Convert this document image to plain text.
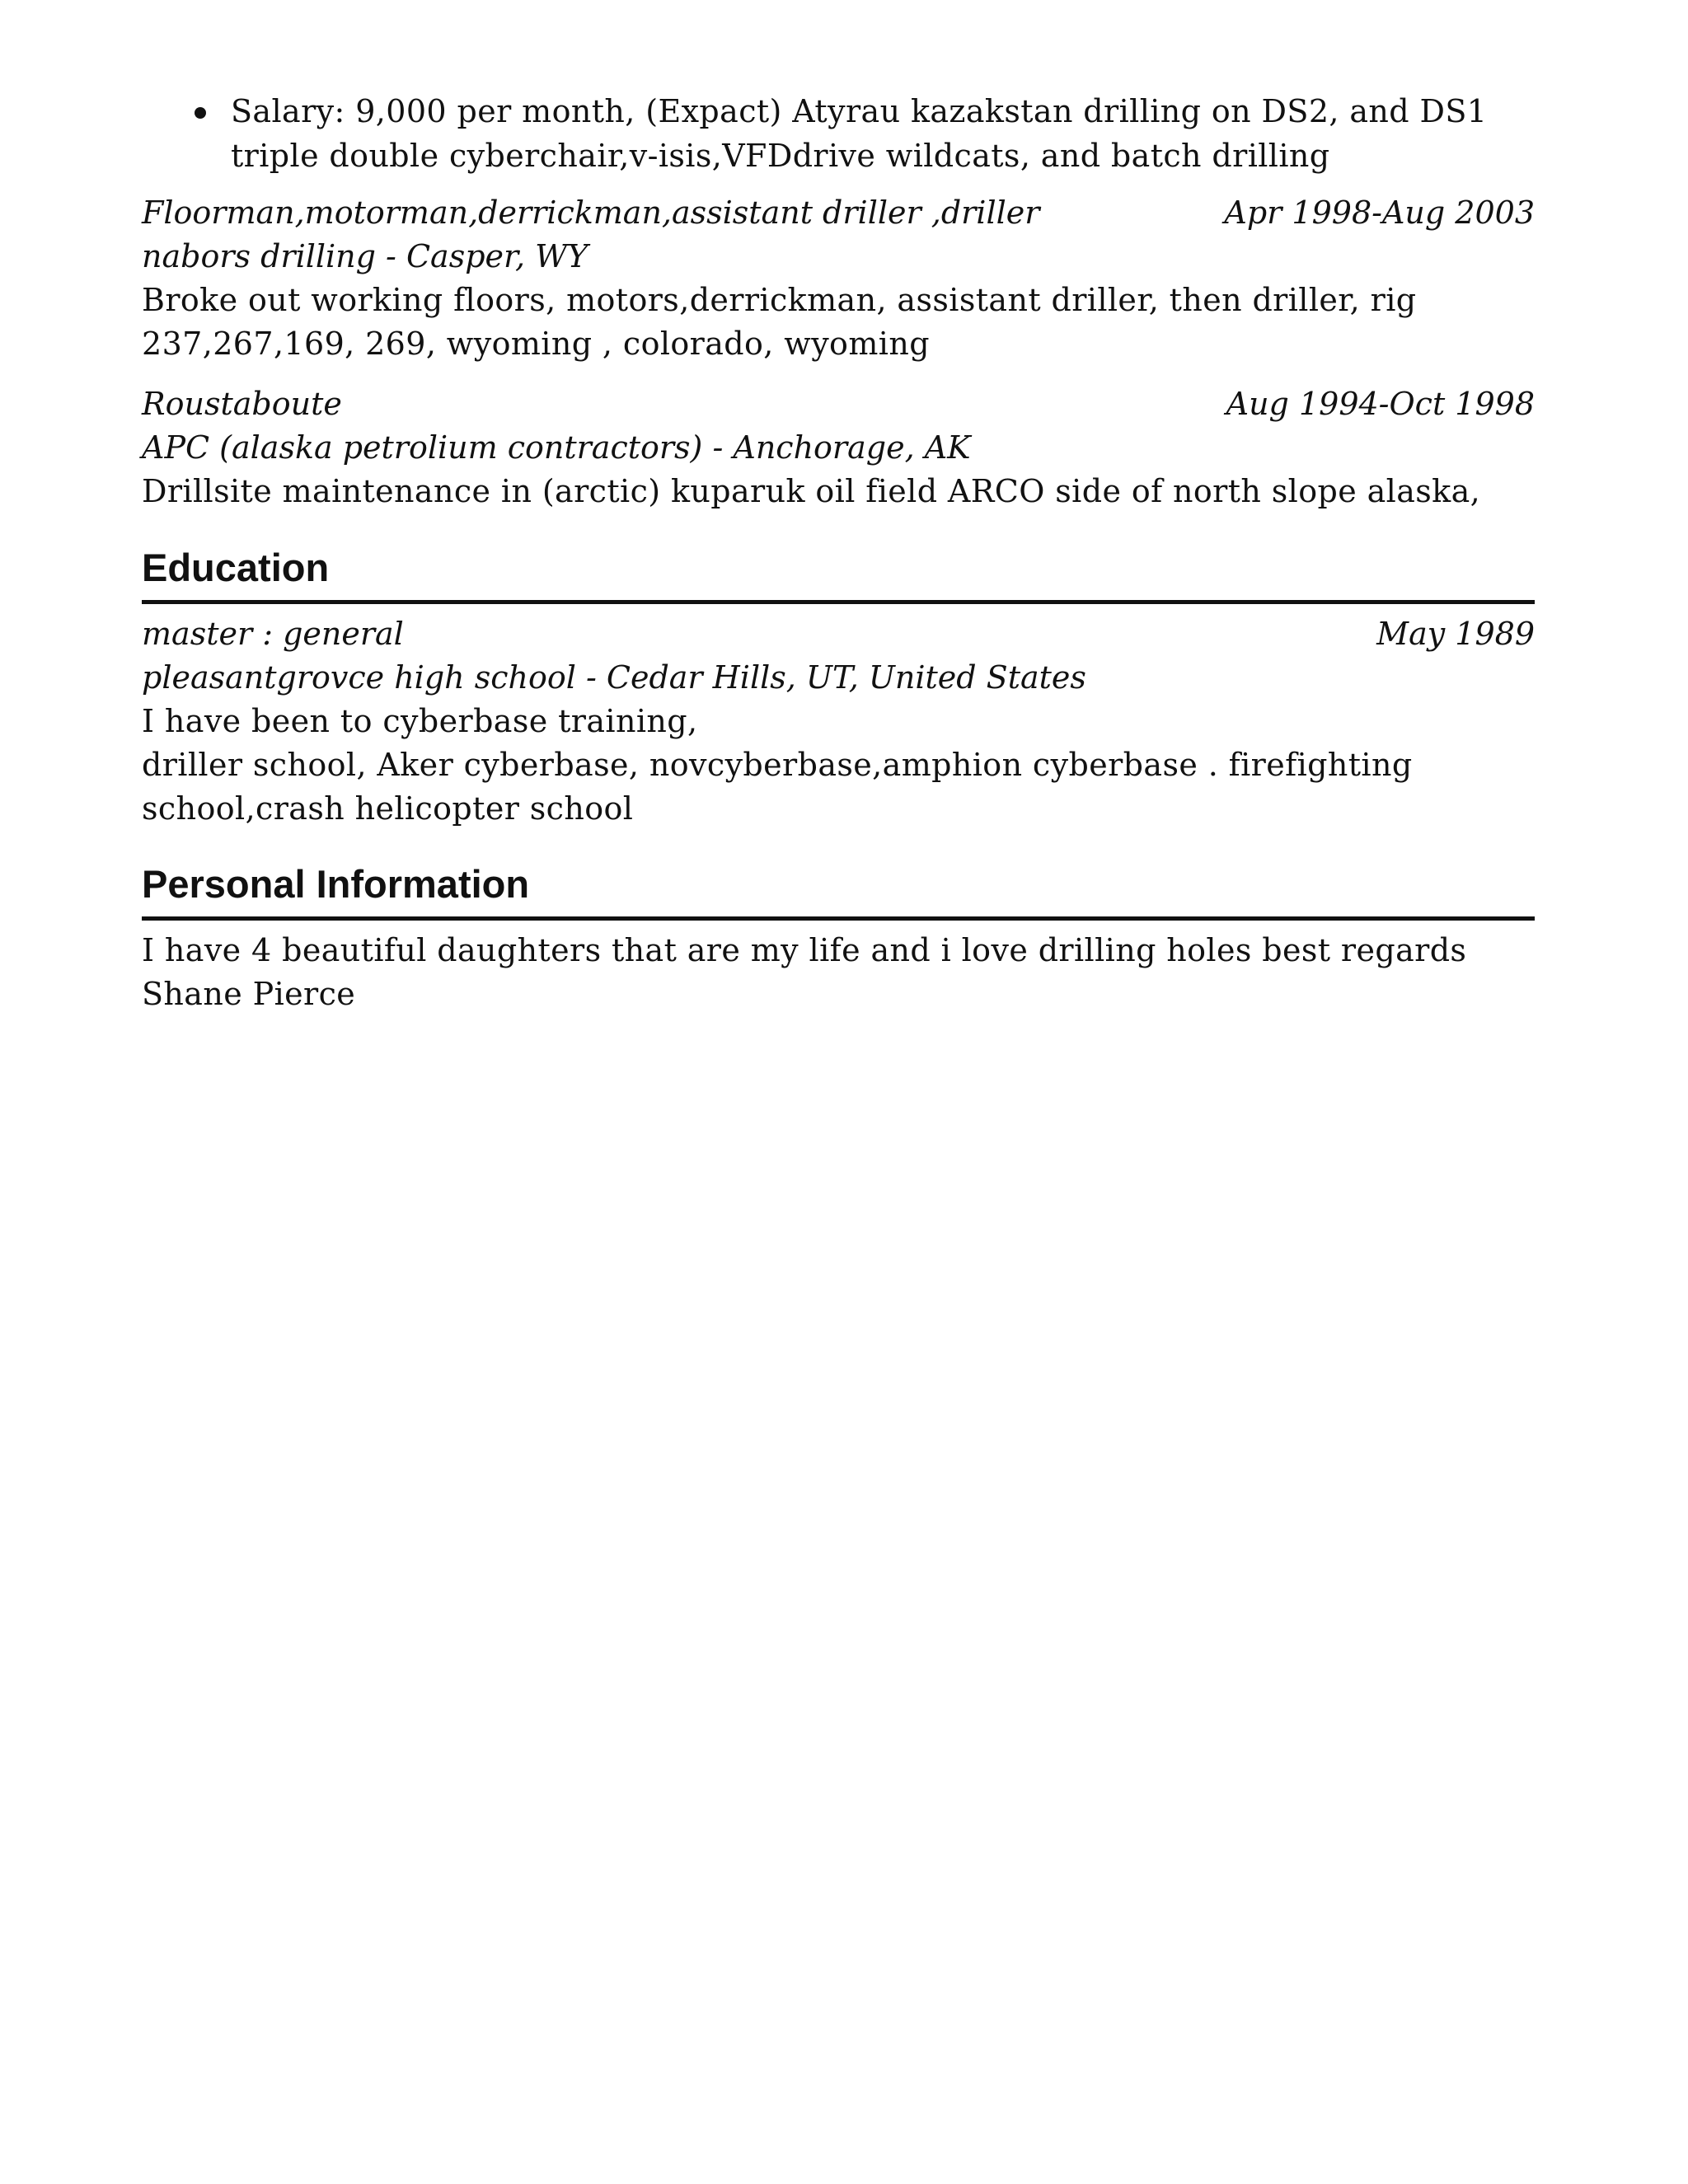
Salary: 9,000 per month, (Expact) Atyrau kazakstan drilling on DS2, and DS1
triple double cyberchair,v-isis,VFDdrive wildcats, and batch drilling
Floorman,motorman,derrickman,assistant driller ,driller	Apr 1998-Aug 2003
nabors drilling - Casper, WY

Broke out working floors, motors,derrickman, assistant driller, then driller, rig

237,267,169, 269, wyoming , colorado, wyoming

Roustaboute	Aug 1994-Oct 1998
APC (alaska petrolium contractors) - Anchorage, AK

Drillsite maintenance in (arctic) kuparuk oil field ARCO side of north slope alaska,

Education
master : general	May 1989
pleasantgrovce high school - Cedar Hills, UT, United States

I have been to cyberbase training,

driller school, Aker cyberbase, novcyberbase,amphion cyberbase . firefighting

school,crash helicopter school

Personal Information

I have 4 beautiful daughters that are my life and i love drilling holes best regards

Shane Pierce
